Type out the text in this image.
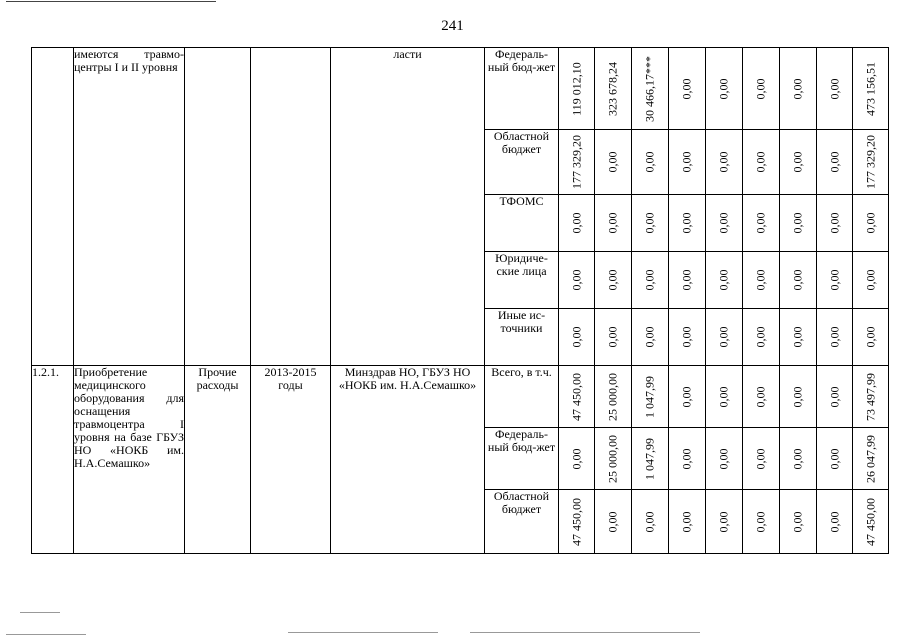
241
	имеются травмо-центры I и II уровня			ласти	Федераль-ный бюд-жет	119 012,10	323 678,24	30 466,17***	0,00	0,00	0,00	0,00	0,00	473 156,51

					Областной бюджет	177 329,20	0,00	0,00	0,00	0,00	0,00	0,00	0,00	177 329,20

					ТФОМС	0,00	0,00	0,00	0,00	0,00	0,00	0,00	0,00	0,00

					Юридиче-ские лица	0,00	0,00	0,00	0,00	0,00	0,00	0,00	0,00	0,00

					Иные ис-точники	0,00	0,00	0,00	0,00	0,00	0,00	0,00	0,00	0,00

1.2.1.	Приобретение медицинского оборудования для оснащения травмоцентра I уровня на базе ГБУЗ НО «НОКБ им. Н.А.Семашко»	Прочие расходы	2013-2015 годы	Минздрав НО, ГБУЗ НО «НОКБ им. Н.А.Семашко»	Всего, в т.ч.	47 450,00	25 000,00	1 047,99	0,00	0,00	0,00	0,00	0,00	73 497,99

					Федераль-ный бюд-жет	0,00	25 000,00	1 047,99	0,00	0,00	0,00	0,00	0,00	26 047,99

					Областной бюджет	47 450,00	0,00	0,00	0,00	0,00	0,00	0,00	0,00	47 450,00
